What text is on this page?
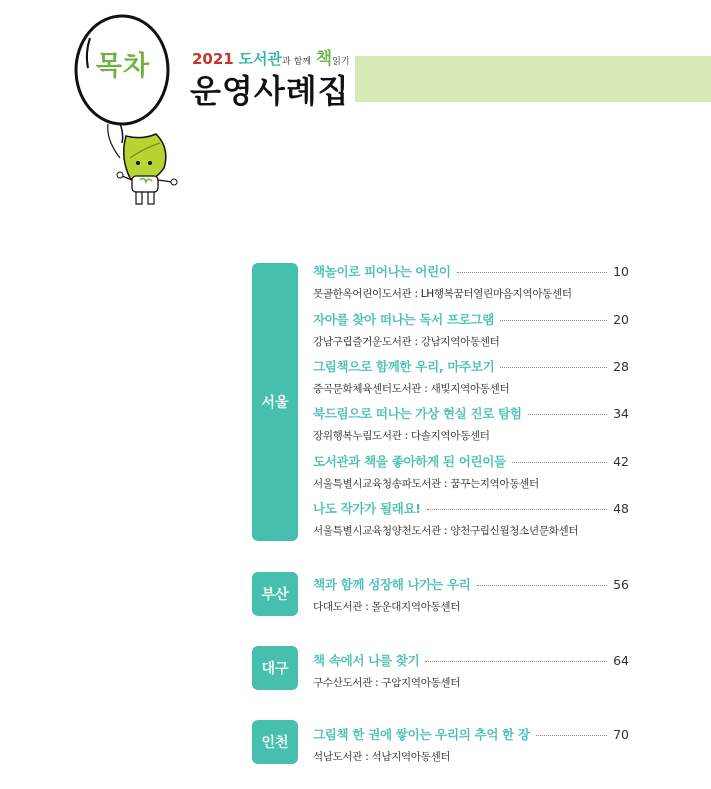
목차	2021 도서관과 함께 책읽기
운영사례집
서울
책놀이로 피어나는 어린이	10
못골한옥어린이도서관 : LH행복꿈터열린마음지역아동센터
자아를 찾아 떠나는 독서 프로그램	20
강남구립즐거운도서관 : 강남지역아동센터
그림책으로 함께한 우리, 마주보기	28
중곡문화체육센터도서관 : 새빛지역아동센터
북드림으로 떠나는 가상 현실 진로 탐험	34
장위행복누림도서관 : 다솔지역아동센터
도서관과 책을 좋아하게 된 어린이들	42
서울특별시교육청송파도서관 : 꿈꾸는지역아동센터
나도 작가가 될래요!	48
서울특별시교육청양천도서관 : 양천구립신월청소년문화센터
부산
책과 함께 성장해 나가는 우리	56
다대도서관 : 몰운대지역아동센터
대구
책 속에서 나를 찾기	64
구수산도서관 : 구암지역아동센터
인천
그림책 한 권에 쌓이는 우리의 추억 한 장	70
석남도서관 : 석남지역아동센터
